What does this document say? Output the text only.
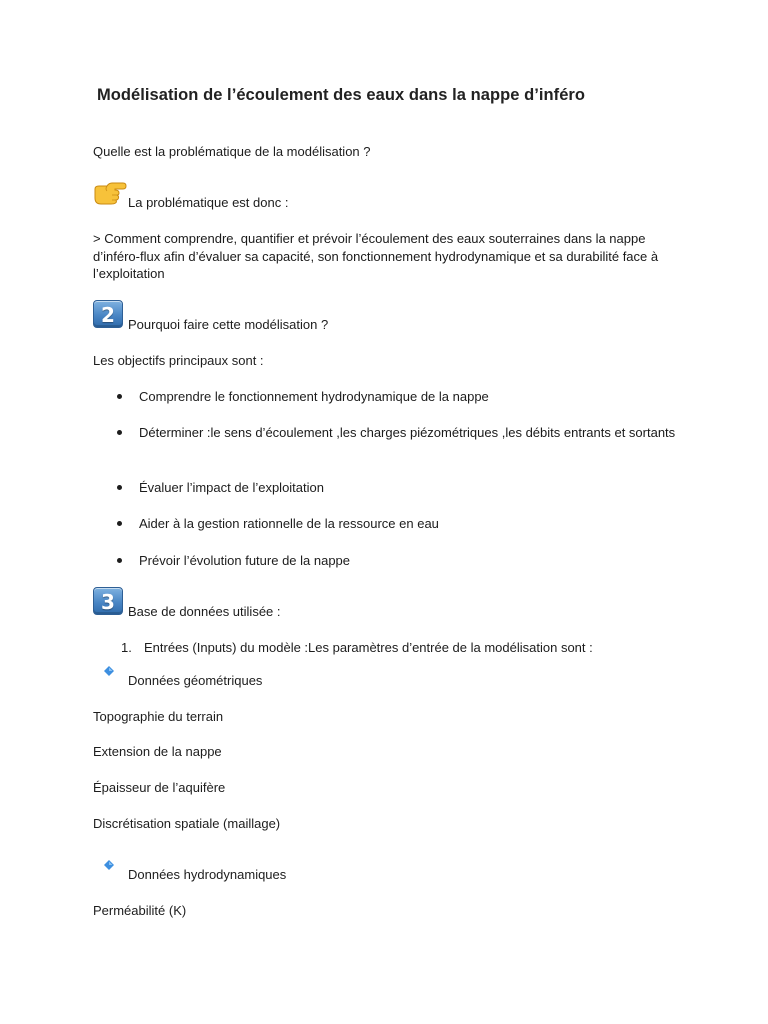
Modélisation de l’écoulement des eaux dans la nappe d’inféro
Quelle est la problématique de la modélisation ?
La problématique est donc :
> Comment comprendre, quantifier et prévoir l’écoulement des eaux souterraines dans la nappe d’inféro-flux afin d’évaluer sa capacité, son fonctionnement hydrodynamique et sa durabilité face à l’exploitation
2	Pourquoi faire cette modélisation ?
Les objectifs principaux sont :
Comprendre le fonctionnement hydrodynamique de la nappe
Déterminer :le sens d’écoulement ,les charges piézométriques ,les débits entrants et sortants
Évaluer l’impact de l’exploitation
Aider à la gestion rationnelle de la ressource en eau
Prévoir l’évolution future de la nappe
3	Base de données utilisée :
1. Entrées (Inputs) du modèle :Les paramètres d’entrée de la modélisation sont :
Données géométriques
Topographie du terrain
Extension de la nappe
Épaisseur de l’aquifère
Discrétisation spatiale (maillage)
Données hydrodynamiques
Perméabilité (K)
